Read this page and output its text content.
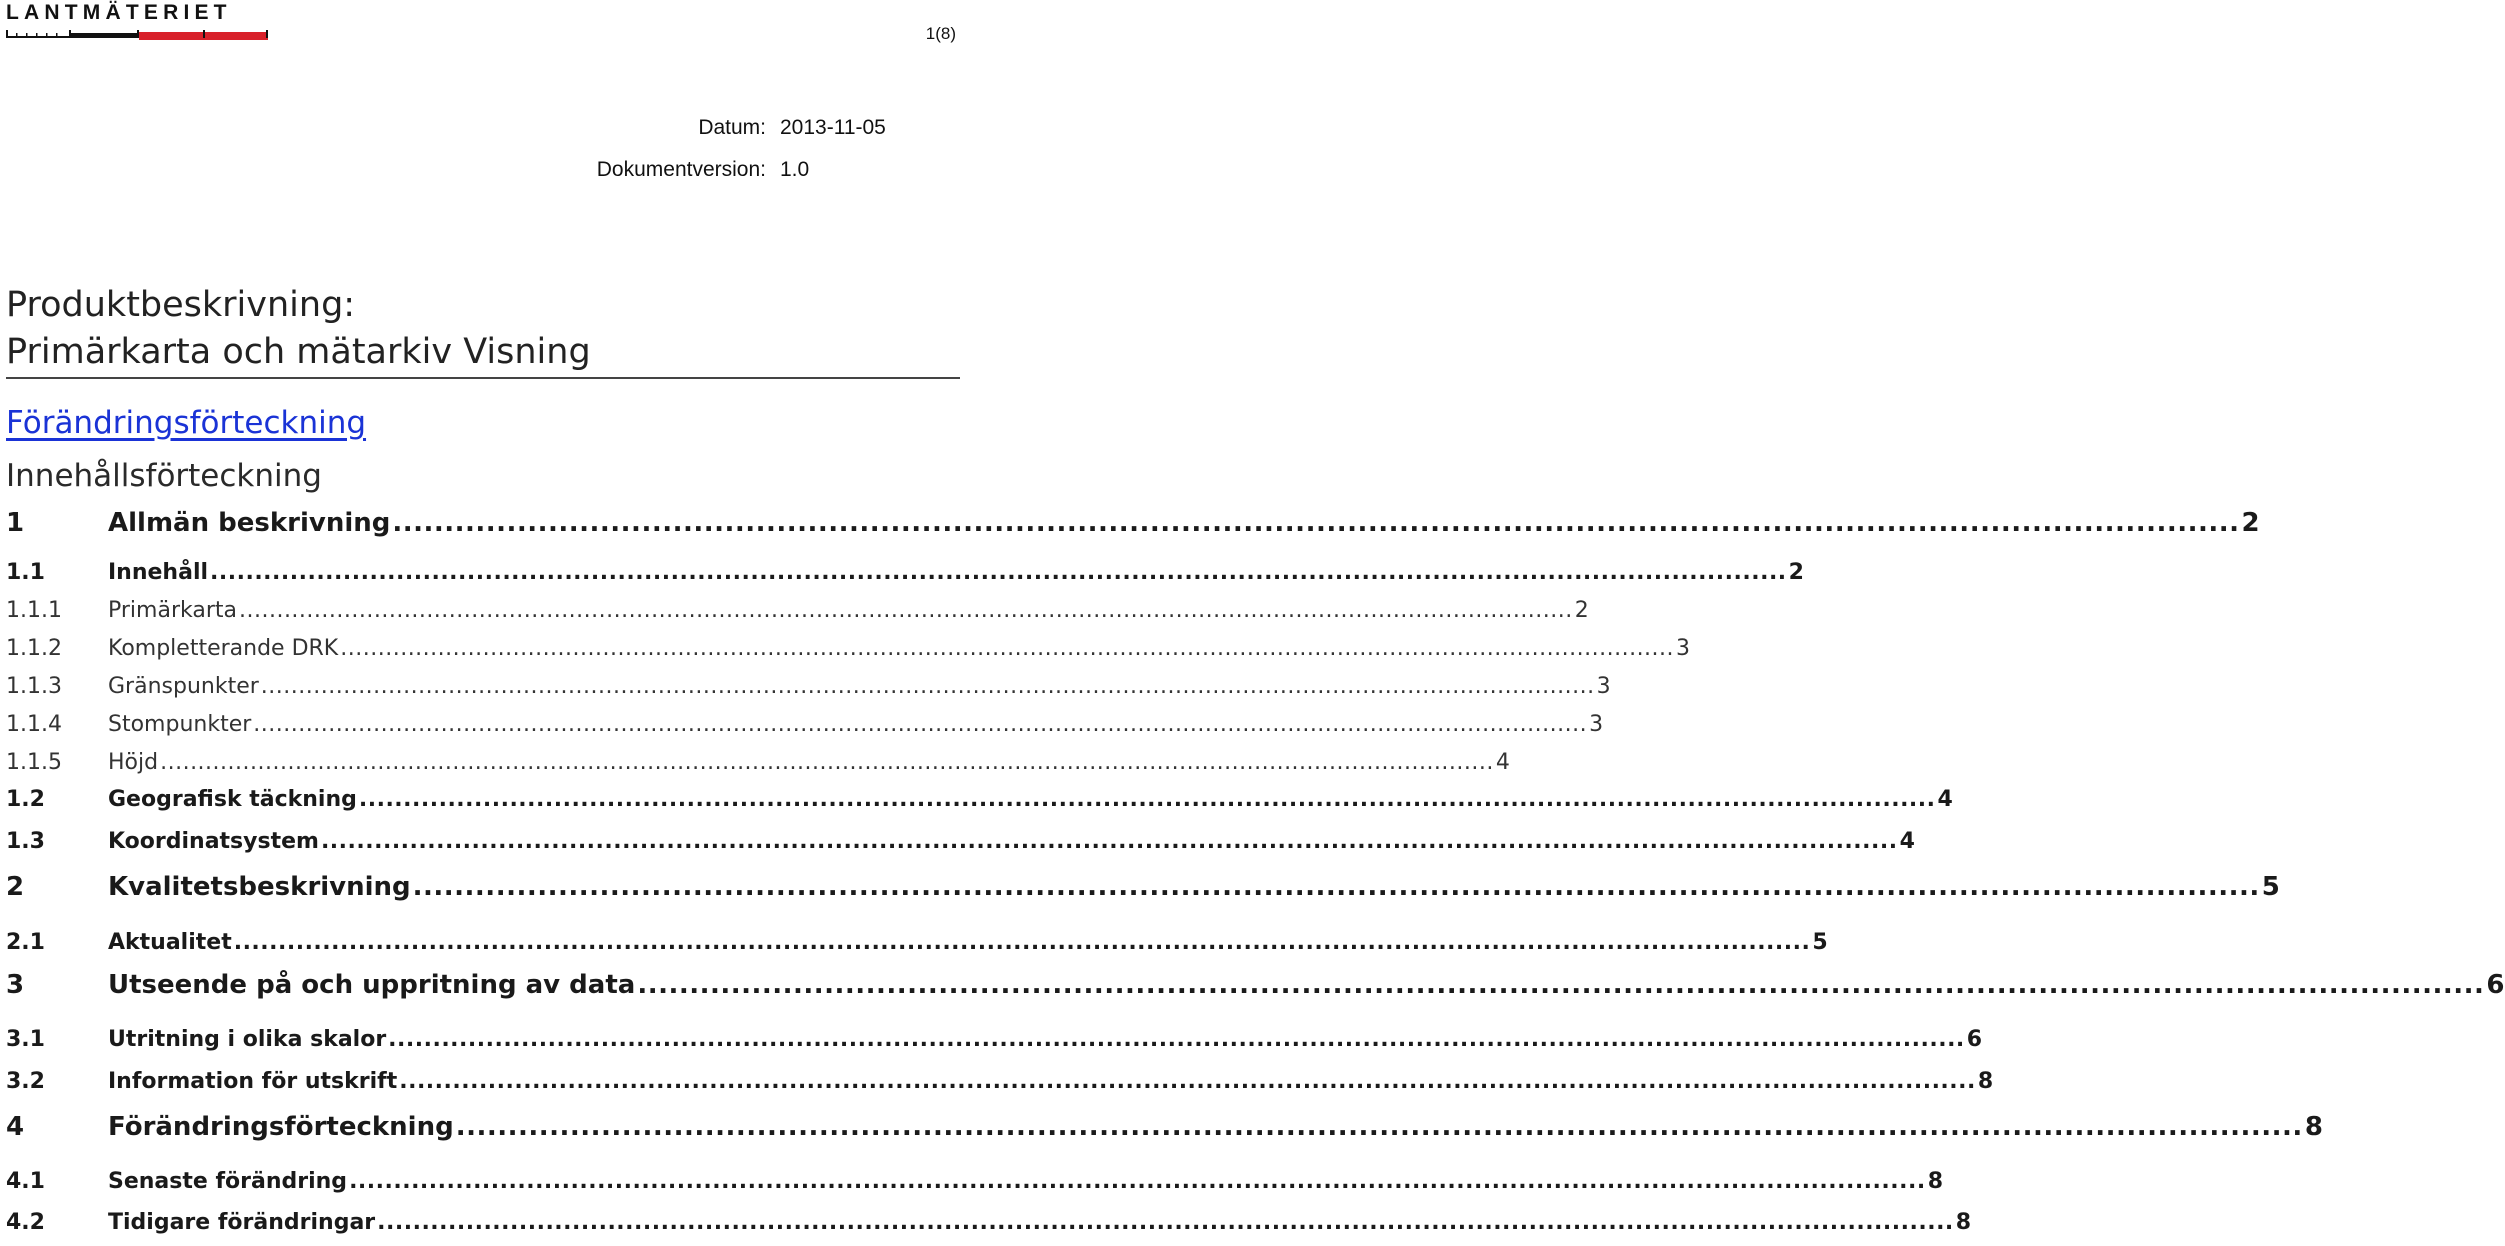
LANTMÄTERIET
1(8)
Datum: 2013-11-05
Dokumentversion: 1.0
Produktbeskrivning:
Primärkarta och mätarkiv Visning
Förändringsförteckning
Innehållsförteckning
1	Allmän beskrivning .................................................................................................................................................................................. 2
1.1	Innehåll .................................................................................................................................................................................. 2
1.1.1	Primärkarta .................................................................................................................................................................................. 2
1.1.2	Kompletterande DRK .................................................................................................................................................................................. 3
1.1.3	Gränspunkter .................................................................................................................................................................................. 3
1.1.4	Stompunkter .................................................................................................................................................................................. 3
1.1.5	Höjd .................................................................................................................................................................................. 4
1.2	Geografisk täckning .................................................................................................................................................................................. 4
1.3	Koordinatsystem .................................................................................................................................................................................. 4
2	Kvalitetsbeskrivning .................................................................................................................................................................................. 5
2.1	Aktualitet .................................................................................................................................................................................. 5
3	Utseende på och uppritning av data .................................................................................................................................................................................. 6
3.1	Utritning i olika skalor .................................................................................................................................................................................. 6
3.2	Information för utskrift .................................................................................................................................................................................. 8
4	Förändringsförteckning .................................................................................................................................................................................. 8
4.1	Senaste förändring .................................................................................................................................................................................. 8
4.2	Tidigare förändringar .................................................................................................................................................................................. 8
